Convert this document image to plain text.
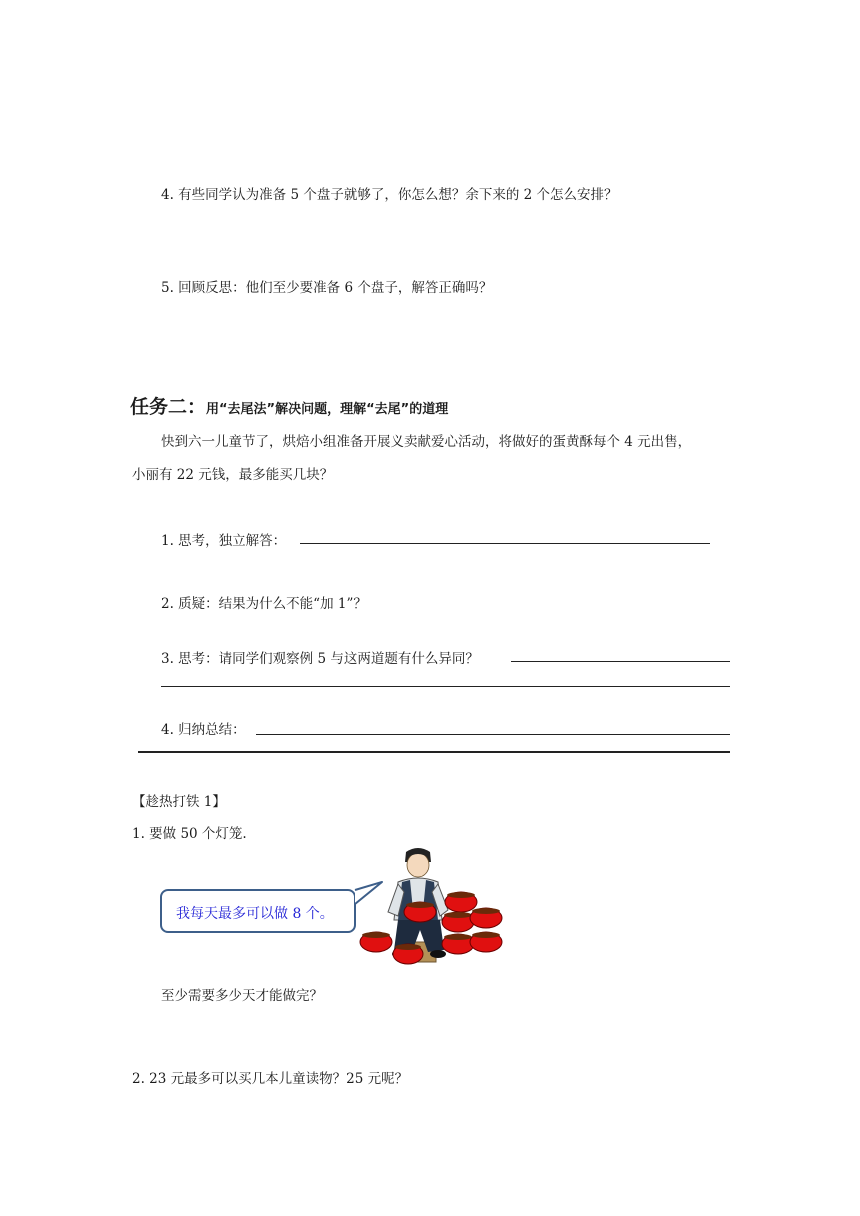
4. 有些同学认为准备 5 个盘子就够了，你怎么想？余下来的 2 个怎么安排？
5. 回顾反思：他们至少要准备 6 个盘子，解答正确吗？
任务二：用“去尾法”解决问题，理解“去尾”的道理
快到六一儿童节了，烘焙小组准备开展义卖献爱心活动，将做好的蛋黄酥每个 4 元出售，
小丽有 22 元钱，最多能买几块？
1. 思考，独立解答：
2. 质疑：结果为什么不能“加 1”？
3. 思考：请同学们观察例 5 与这两道题有什么异同？
4. 归纳总结：
【趁热打铁 1】
1. 要做 50 个灯笼.
我每天最多可以做 8 个。
至少需要多少天才能做完？
2. 23 元最多可以买几本儿童读物？25 元呢？
